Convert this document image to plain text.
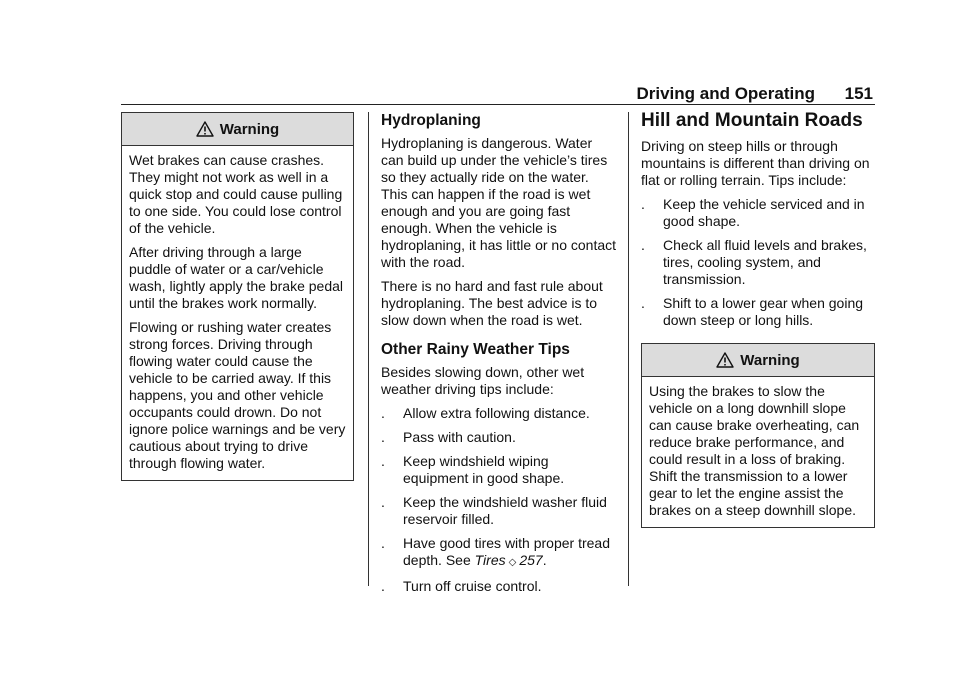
Driving and Operating 151
Warning

Wet brakes can cause crashes. They might not work as well in a quick stop and could cause pulling to one side. You could lose control of the vehicle.

After driving through a large puddle of water or a car/vehicle wash, lightly apply the brake pedal until the brakes work normally.

Flowing or rushing water creates strong forces. Driving through flowing water could cause the vehicle to be carried away. If this happens, you and other vehicle occupants could drown. Do not ignore police warnings and be very cautious about trying to drive through flowing water.

Hydroplaning

Hydroplaning is dangerous. Water can build up under the vehicle’s tires so they actually ride on the water. This can happen if the road is wet enough and you are going fast enough. When the vehicle is hydroplaning, it has little or no contact with the road.

There is no hard and fast rule about hydroplaning. The best advice is to slow down when the road is wet.

Other Rainy Weather Tips

Besides slowing down, other wet weather driving tips include:

. Allow extra following distance.
. Pass with caution.
. Keep windshield wiping equipment in good shape.
. Keep the windshield washer fluid reservoir filled.
. Have good tires with proper tread depth. See Tires ◇ 257.
. Turn off cruise control.
Hill and Mountain Roads

Driving on steep hills or through mountains is different than driving on flat or rolling terrain. Tips include:

. Keep the vehicle serviced and in good shape.
. Check all fluid levels and brakes, tires, cooling system, and transmission.
. Shift to a lower gear when going down steep or long hills.
Warning

Using the brakes to slow the vehicle on a long downhill slope can cause brake overheating, can reduce brake performance, and could result in a loss of braking. Shift the transmission to a lower gear to let the engine assist the brakes on a steep downhill slope.
